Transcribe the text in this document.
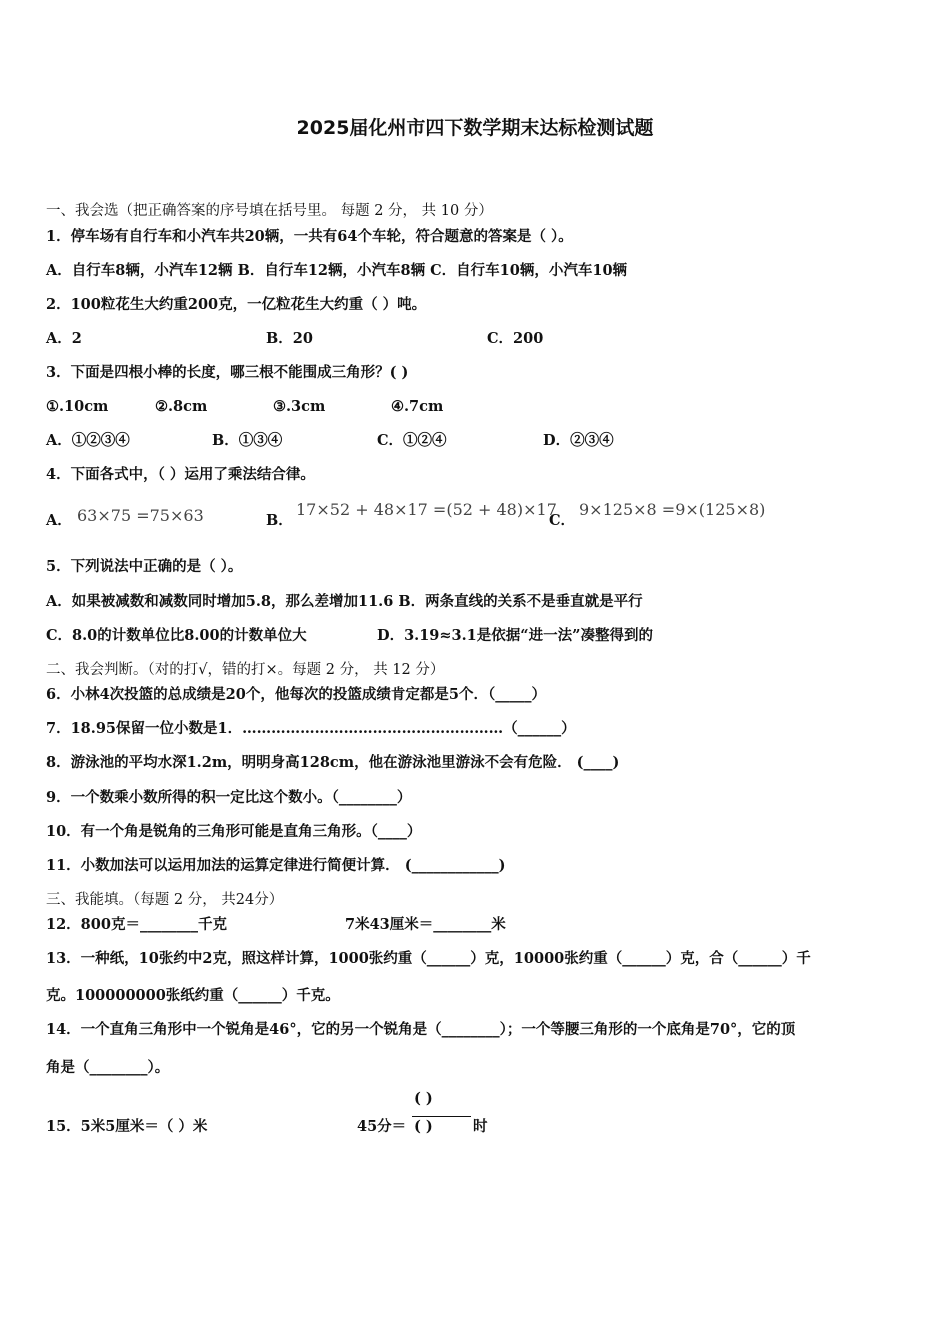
2025届化州市四下数学期末达标检测试题
一、我会选（把正确答案的序号填在括号里。 每题 2 分， 共 10 分）
1．停车场有自行车和小汽车共20辆，一共有64个车轮，符合题意的答案是（ ）。
A．自行车8辆，小汽车12辆 B．自行车12辆，小汽车8辆 C．自行车10辆，小汽车10辆
2．100粒花生大约重200克，一亿粒花生大约重（ ）吨。
A．2	B．20	C．200
3．下面是四根小棒的长度，哪三根不能围成三角形？( )
①.10cm	②.8cm	③.3cm	④.7cm
A．①②③④	B．①③④	C．①②④	D．②③④
4．下面各式中，（ ）运用了乘法结合律。
A． 63×75 =75×63	B．
17×52 + 48×17 =(52 + 48)×17
C．
9×125×8 =9×(125×8)
5．下列说法中正确的是（ ）。
A．如果被减数和减数同时增加5.8，那么差增加11.6 B．两条直线的关系不是垂直就是平行
C．8.0的计数单位比8.00的计数单位大	D．3.19≈3.1是依据“进一法”凑整得到的
二、我会判断。（对的打√，错的打×。每题 2 分， 共 12 分）
6．小林4次投篮的总成绩是20个，他每次的投篮成绩肯定都是5个．（_____）
7．18.95保留一位小数是1．………………………………………………（______）
8．游泳池的平均水深1.2m，明明身高128cm，他在游泳池里游泳不会有危险． (____)
9．一个数乘小数所得的积一定比这个数小。（________）
10．有一个角是锐角的三角形可能是直角三角形。（____）
11．小数加法可以运用加法的运算定律进行简便计算． (____________)
三、我能填。（每题 2 分， 共24分）
12．800克＝________千克	7米43厘米＝________米
13．一种纸，10张约中2克，照这样计算，1000张约重（______）克，10000张约重（______）克，合（______）千
克。100000000张纸约重（______）千克。
14．一个直角三角形中一个锐角是46°，它的另一个锐角是（________）；一个等腰三角形的一个底角是70°，它的顶
角是（________）。
15．5米5厘米＝（ ）米	45分＝
( )
( )	时
